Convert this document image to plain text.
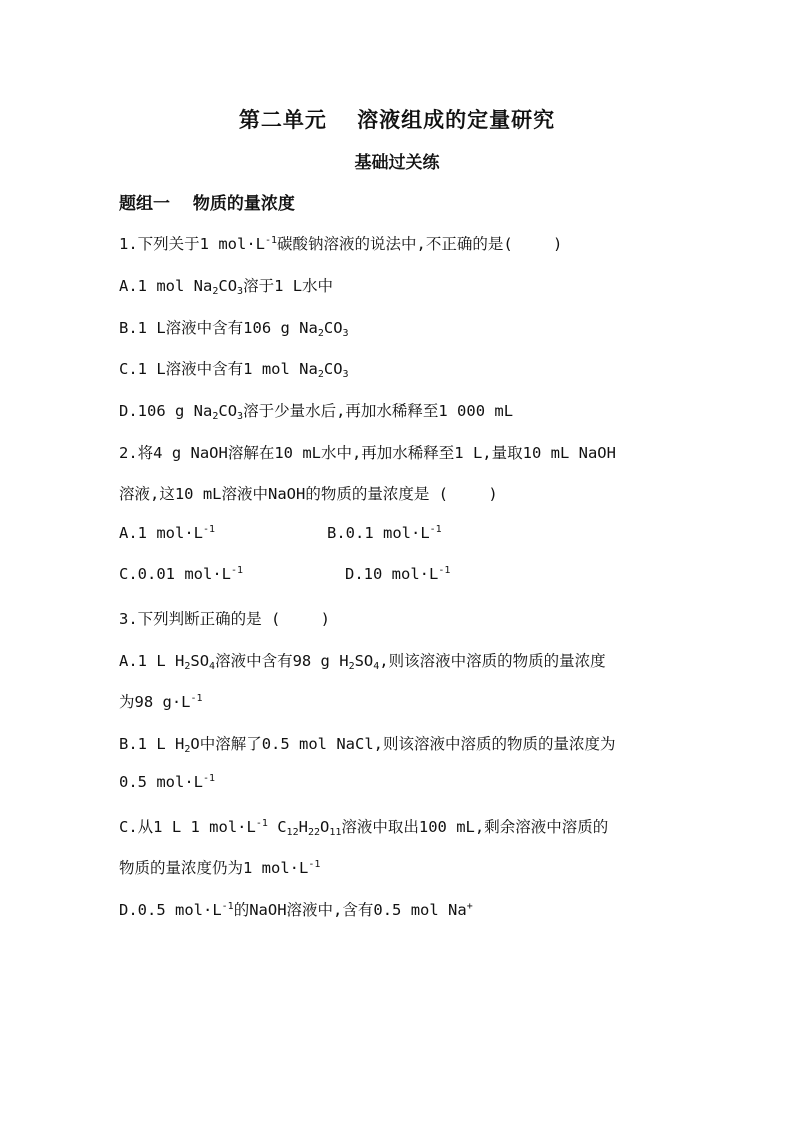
第二单元　 溶液组成的定量研究
基础过关练
题组一　 物质的量浓度
1.下列关于1 $mol\cdot L^{-1}$碳酸钠溶液的说法中,不正确的是(　 　)
A.1 mol $Na_2CO_3$溶于1 L水中
B.1 L溶液中含有106 g $Na_2CO_3$
C.1 L溶液中含有1 mol $Na_2CO_3$
D.106 g $Na_2CO_3$溶于少量水后,再加水稀释至1 000 mL
2.将4 g NaOH溶解在10 mL水中,再加水稀释至1 L,量取10 mL NaOH
溶液,这10 mL溶液中NaOH的物质的量浓度是 (　 　)
A.1 $mol\cdot L^{-1}$	B.0.1 $mol\cdot L^{-1}$
C.0.01 $mol\cdot L^{-1}$	D.10 $mol\cdot L^{-1}$
3.下列判断正确的是 (　 　)
A.1 L $H_2SO_4$溶液中含有98 g $H_2SO_4$,则该溶液中溶质的物质的量浓度
为98 $g\cdot L^{-1}$
B.1 L $H_2O$中溶解了0.5 mol NaCl,则该溶液中溶质的物质的量浓度为
0.5 $mol\cdot L^{-1}$
C.从1 L 1 $mol\cdot L^{-1}$ $C_{12}H_{22}O_{11}$溶液中取出100 mL,剩余溶液中溶质的
物质的量浓度仍为1 $mol\cdot L^{-1}$
D.0.5 $mol\cdot L^{-1}$的NaOH溶液中,含有0.5 mol Na+
